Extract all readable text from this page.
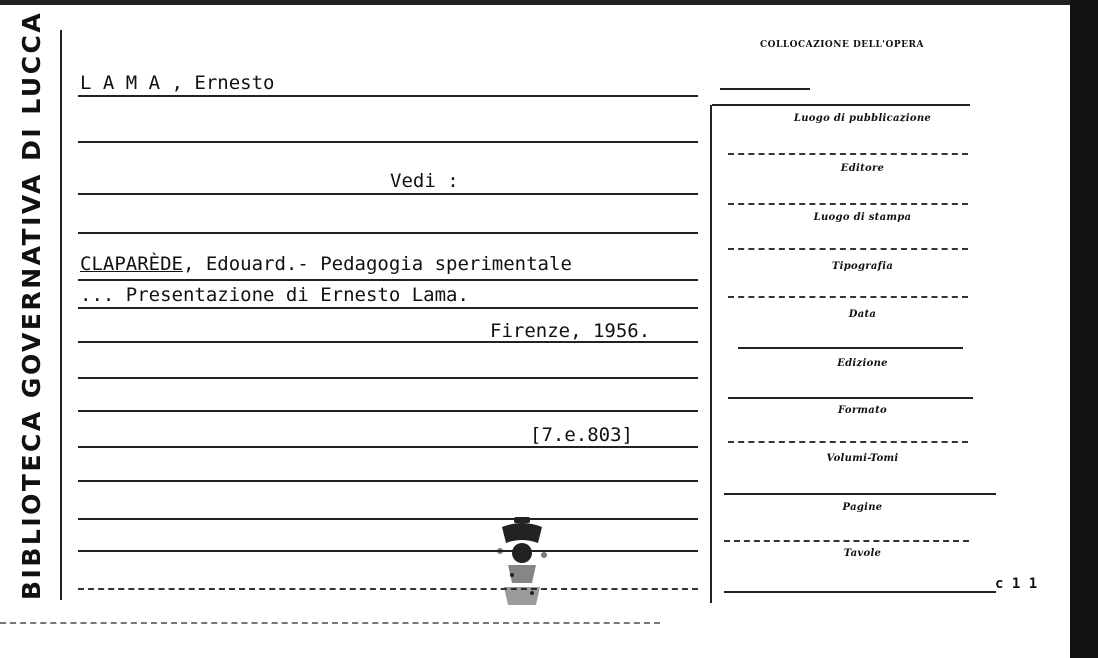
BIBLIOTECA GOVERNATIVA DI LUCCA	COLLOCAZIONE DELL'OPERA
Luogo di pubblicazione
Editore
Luogo di stampa
Tipografia
Data
Edizione
Formato
Volumi-Tomi
Pagine
Tavole
L A M A , Ernesto
Vedi :
CLAPARÈDE, Edouard.- Pedagogia sperimentale
... Presentazione di Ernesto Lama.
Firenze, 1956.
[7.e.803]
c 1 1
